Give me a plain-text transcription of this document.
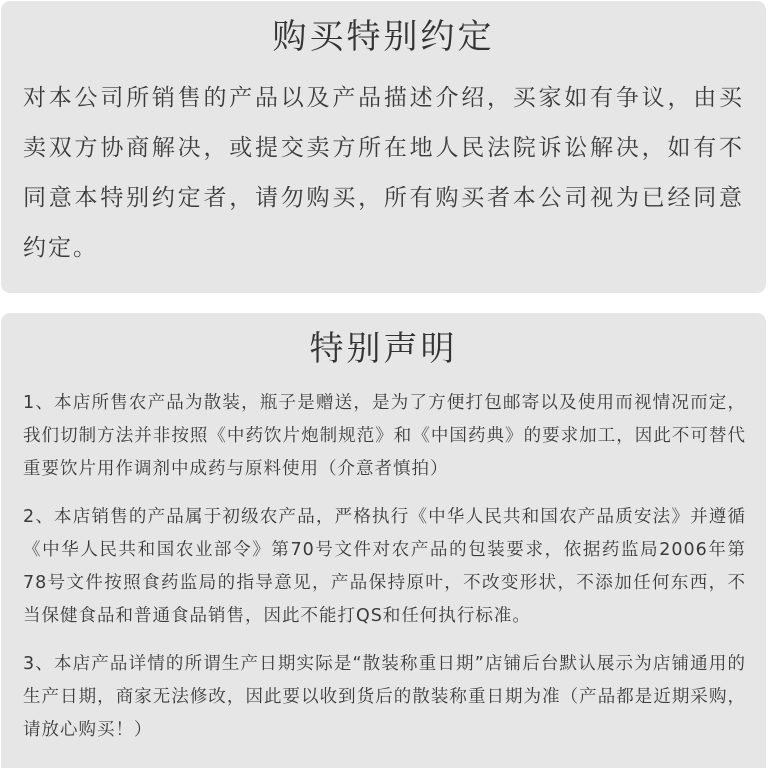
购买特别约定

对本公司所销售的产品以及产品描述介绍，买家如有争议，由买卖双方协商解决，或提交卖方所在地人民法院诉讼解决，如有不同意本特别约定者，请勿购买，所有购买者本公司视为已经同意约定。

特别声明
1、本店所售农产品为散装，瓶子是赠送，是为了方便打包邮寄以及使用而视情况而定，我们切制方法并非按照《中药饮片炮制规范》和《中国药典》的要求加工，因此不可替代重要饮片用作调剂中成药与原料使用（介意者慎拍）
2、本店销售的产品属于初级农产品，严格执行《中华人民共和国农产品质安法》并遵循《中华人民共和国农业部令》第70号文件对农产品的包装要求，依据药监局2006年第78号文件按照食药监局的指导意见，产品保持原叶，不改变形状，不添加任何东西，不当保健食品和普通食品销售，因此不能打QS和任何执行标准。
3、本店产品详情的所谓生产日期实际是“散装称重日期”店铺后台默认展示为店铺通用的生产日期，商家无法修改，因此要以收到货后的散装称重日期为准（产品都是近期采购，请放心购买！）
